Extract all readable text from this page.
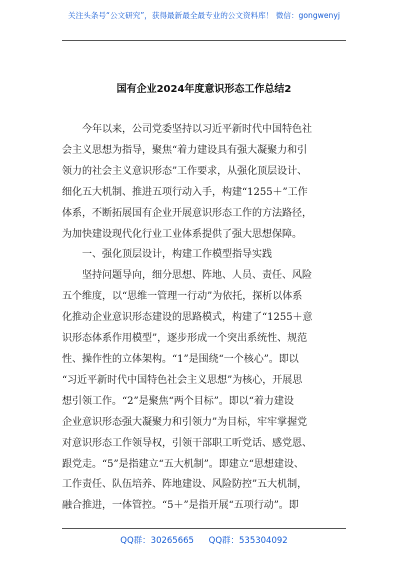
关注头条号“公文研究”，获得最新最全最专业的公文资料库！ 微信：gongwenyj
国有企业2024年度意识形态工作总结2
今年以来，公司党委坚持以习近平新时代中国特色社
会主义思想为指导，聚焦“着力建设具有强大凝聚力和引
领力的社会主义意识形态”工作要求，从强化顶层设计、
细化五大机制、推进五项行动入手，构建“1255＋”工作
体系，不断拓展国有企业开展意识形态工作的方法路径，
为加快建设现代化行业工业体系提供了强大思想保障。
一、强化顶层设计，构建工作模型指导实践
坚持问题导向，细分思想、阵地、人员、责任、风险
五个维度，以“思维一管理一行动”为依托，探析以体系
化推动企业意识形态建设的思路模式，构建了“1255＋意
识形态体系作用模型”，逐步形成一个突出系统性、规范
性、操作性的立体架构。“1”是围绕“一个核心”。即以
“习近平新时代中国特色社会主义思想”为核心，开展思
想引领工作。“2”是聚焦“两个目标”。即以“着力建设
企业意识形态强大凝聚力和引领力”为目标，牢牢掌握党
对意识形态工作领导权，引领干部职工听党话、感党恩、
跟党走。“5”是指建立“五大机制”。即建立“思想建设、
工作责任、队伍培养、阵地建设、风险防控”五大机制，
融合推进，一体管控。“5＋”是指开展“五项行动”。即
QQ群：30265665 QQ群：535304092
